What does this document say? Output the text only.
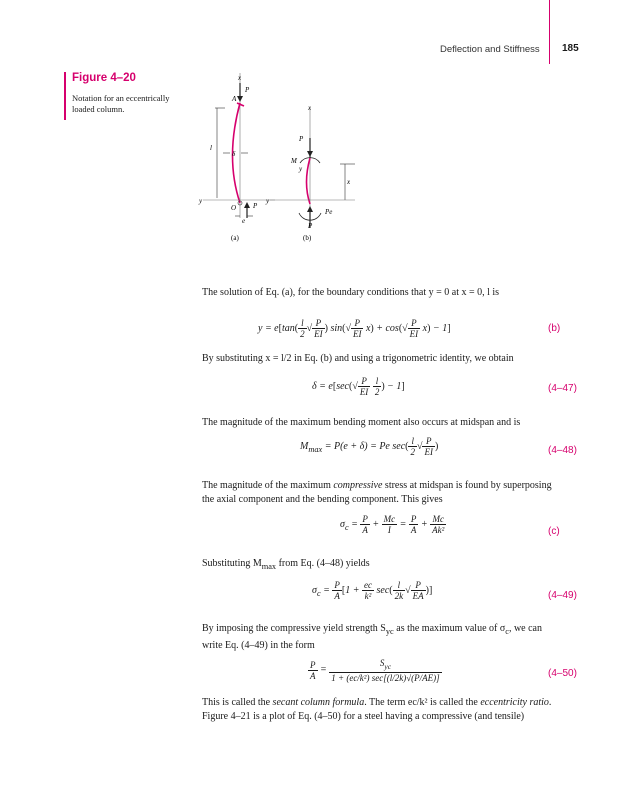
Deflection and Stiffness 185
Figure 4–20
Notation for an eccentrically loaded column.
x
P
A
l
δ
y
O P
e
(a)
x
P
M
y
x
y
Pe
P
(b)
The solution of Eq. (a), for the boundary conditions that y = 0 at x = 0, l is
$y = e[\tan( \frac{l}{2}$ √ $\frac{P}{EI}$ ) $\sin(√ \frac{P}{EI} x) + \cos(√ \frac{P}{EI} x) - 1$]	(b)
By substituting x = l/2 in Eq. (b) and using a trigonometric identity, we obtain
$\delta = e[\sec(√ \frac{P}{EI}$
$\frac{l}{2}$ ) − 1]	(4–47)
The magnitude of the maximum bending moment also occurs at midspan and is
$M_{max} = P(e + \delta) = Pe$ $\sec( \frac{l}{2}$ √ $\frac{P}{EI}$ )	(4–48)
The magnitude of the maximum compressive stress at midspan is found by superposing the axial component and the bending component. This gives
$\sigma_c = \frac{P}{A} + \frac{Mc}{I} = \frac{P}{A} + \frac{Mc}{\text{Ak²}}$	(c)
Substituting $M_{max}$ from Eq. (4–48) yields
$\sigma_c = \frac{P}{A} [1 + \frac{ec}{\text{k²}} \sec( \frac{l}{2k}$ √ $\frac{P}{EA}$ )]	(4–49)
By imposing the compressive yield strength $S_{yc}$ as the maximum value of $\sigma_c$, we can write Eq. (4–49) in the form
$\frac{P}{A}$ =
$S_{yc}$
1 + (ec/k²) sec[(l/2k)√(P/AE)]	(4–50)
This is called the secant column formula. The term ec/k² is called the eccentricity ratio. Figure 4–21 is a plot of Eq. (4–50) for a steel having a compressive (and tensile)
